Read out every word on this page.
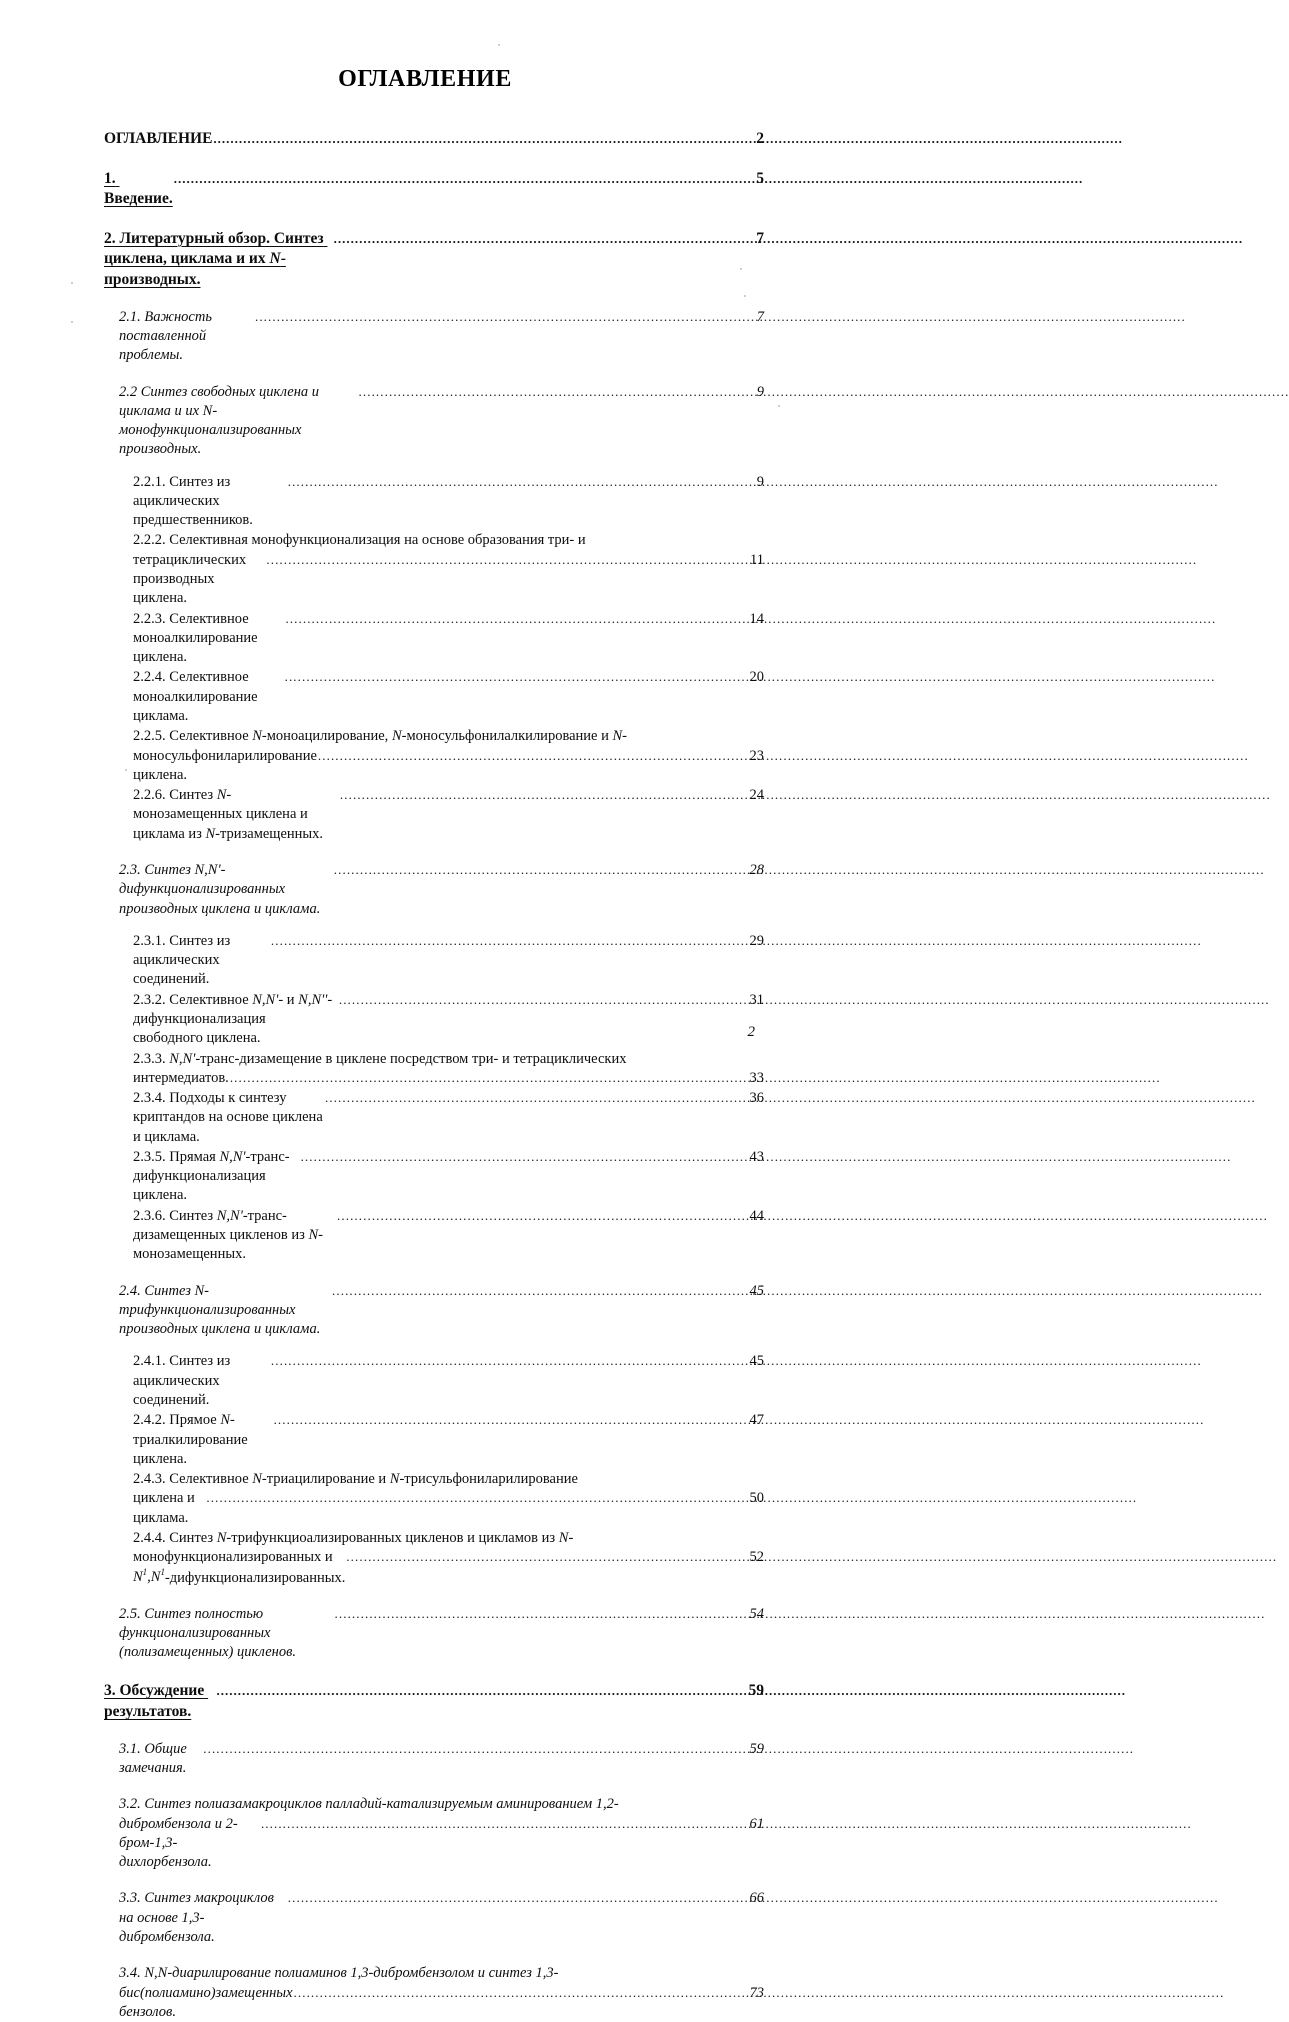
ОГЛАВЛЕНИЕ
ОГЛАВЛЕНИЕ .....	2
1. Введение.
.....
5
2. Литературный обзор. Синтез циклена, циклама и их N-производных.
.....
7
2.1. Важность поставленной проблемы.
.....
7
2.2 Синтез свободных циклена и циклама и их N-монофункционализированных производных.
.....
9
2.2.1. Синтез из ациклических предшественников.
.....
9
2.2.2. Селективная монофункционализация на основе образования три- и
тетрациклических производных циклена.
.....
11
2.2.3. Селективное моноалкилирование циклена.
.....
14
2.2.4. Селективное моноалкилирование циклама.
.....
20
2.2.5. Селективное N-моноацилирование, N-моносульфонилалкилирование и N-
моносульфониларилирование циклена.
.....
23
2.2.6. Синтез N-монозамещенных циклена и циклама из N-тризамещенных.
.....
24
2.3. Синтез N,N'-дифункционализированных производных циклена и циклама.
.....
28
2.3.1. Синтез из ациклических соединений.
.....
29
2.3.2. Селективное N,N'- и N,N''-дифункционализация свободного циклена.
.....
31
2.3.3. N,N'-транс-дизамещение в циклене посредством три- и тетрациклических
интермедиатов. .....	33
2.3.4. Подходы к синтезу криптандов на основе циклена и циклама.
.....
36
2.3.5. Прямая N,N'-транс-дифункционализация циклена.
.....
43
2.3.6. Синтез N,N'-транс-дизамещенных цикленов из N-монозамещенных.
.....
44
2.4. Синтез N-трифункционализированных производных циклена и циклама.
.....
45
2.4.1. Синтез из ациклических соединений.
.....
45
2.4.2. Прямое N-триалкилирование циклена.
.....
47
2.4.3. Селективное N-триацилирование и N-трисульфониларилирование
циклена и циклама.
.....
50
2.4.4. Синтез N-трифункциоализированных цикленов и цикламов из N-
монофункционализированных и $N^1,N^1$-дифункционализированных.
.....
52
2.5. Синтез полностью функционализированных (полизамещенных) цикленов.
.....
54
3. Обсуждение результатов.
.....
59
3.1. Общие замечания.
.....
59
3.2. Синтез полиазамакроциклов палладий-катализируемым аминированием 1,2-
дибромбензола и 2-бром-1,3-дихлорбензола.
.....
61
3.3. Синтез макроциклов на основе 1,3-дибромбензола.
.....
66
3.4. N,N-диарилирование полиаминов 1,3-дибромбензолом и синтез 1,3-
бис(полиамино)замещенных бензолов.
.....
73
2
